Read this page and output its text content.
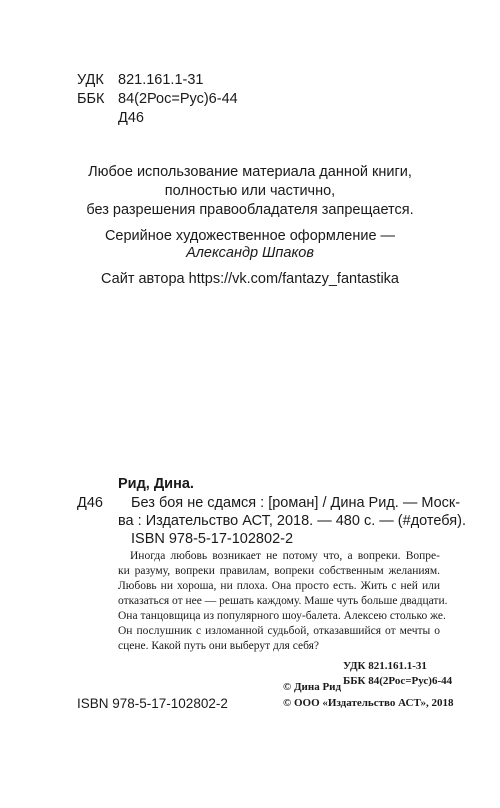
УДК 821.161.1-31
ББК 84(2Рос=Рус)6-44
Д46
Любое использование материала данной книги,
полностью или частично,
без разрешения правообладателя запрещается.
Серийное художественное оформление —
Александр Шпаков
Сайт автора https://vk.com/fantazy_fantastika
Рид, Дина.
Д46 Без боя не сдамся : [роман] / Дина Рид. — Моск-
ва : Издательство АСТ, 2018. — 480 с. — (#дотебя).
ISBN 978-5-17-102802-2
Иногда любовь возникает не потому что, а вопреки. Вопре-
ки разуму, вопреки правилам, вопреки собственным желаниям.
Любовь ни хороша, ни плоха. Она просто есть. Жить с ней или
отказаться от нее — решать каждому. Маше чуть больше двадцати.
Она танцовщица из популярного шоу-балета. Алексею столько же.
Он послушник с изломанной судьбой, отказавшийся от мечты о
сцене. Какой путь они выберут для себя?
УДК 821.161.1-31
ББК 84(2Рос=Рус)6-44
ISBN 978-5-17-102802-2
© Дина Рид
© ООО «Издательство АСТ», 2018
